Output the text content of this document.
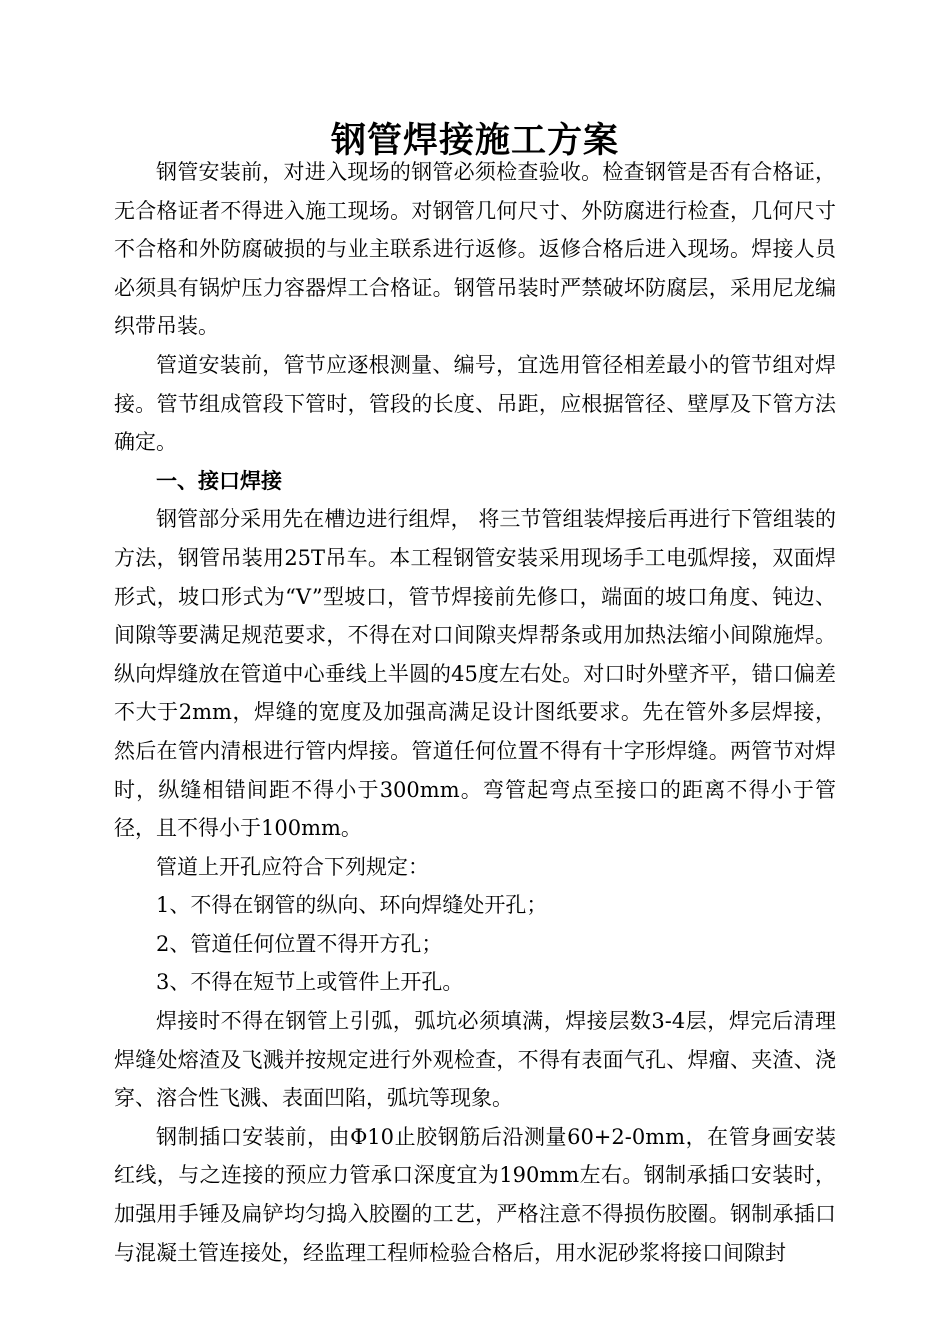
钢管焊接施工方案

钢管安装前，对进入现场的钢管必须检查验收。检查钢管是否有合格证，无合格证者不得进入施工现场。对钢管几何尺寸、外防腐进行检查，几何尺寸不合格和外防腐破损的与业主联系进行返修。返修合格后进入现场。焊接人员必须具有锅炉压力容器焊工合格证。钢管吊装时严禁破坏防腐层，采用尼龙编织带吊装。

管道安装前，管节应逐根测量、编号，宜选用管径相差最小的管节组对焊接。管节组成管段下管时，管段的长度、吊距，应根据管径、壁厚及下管方法确定。

一、接口焊接

钢管部分采用先在槽边进行组焊， 将三节管组装焊接后再进行下管组装的方法，钢管吊装用25T吊车。本工程钢管安装采用现场手工电弧焊接，双面焊形式，坡口形式为“V”型坡口，管节焊接前先修口，端面的坡口角度、钝边、间隙等要满足规范要求，不得在对口间隙夹焊帮条或用加热法缩小间隙施焊。纵向焊缝放在管道中心垂线上半圆的45度左右处。对口时外壁齐平，错口偏差不大于2mm，焊缝的宽度及加强高满足设计图纸要求。先在管外多层焊接，然后在管内清根进行管内焊接。管道任何位置不得有十字形焊缝。两管节对焊时，纵缝相错间距不得小于300mm。弯管起弯点至接口的距离不得小于管径，且不得小于100mm。

管道上开孔应符合下列规定：

1、不得在钢管的纵向、环向焊缝处开孔；

2、管道任何位置不得开方孔；

3、不得在短节上或管件上开孔。

焊接时不得在钢管上引弧，弧坑必须填满，焊接层数3-4层，焊完后清理焊缝处熔渣及飞溅并按规定进行外观检查，不得有表面气孔、焊瘤、夹渣、浇穿、溶合性飞溅、表面凹陷，弧坑等现象。

钢制插口安装前，由Φ10止胶钢筋后沿测量60+2-0mm，在管身画安装红线，与之连接的预应力管承口深度宜为190mm左右。钢制承插口安装时，加强用手锤及扁铲均匀捣入胶圈的工艺，严格注意不得损伤胶圈。钢制承插口与混凝土管连接处，经监理工程师检验合格后，用水泥砂浆将接口间隙封
